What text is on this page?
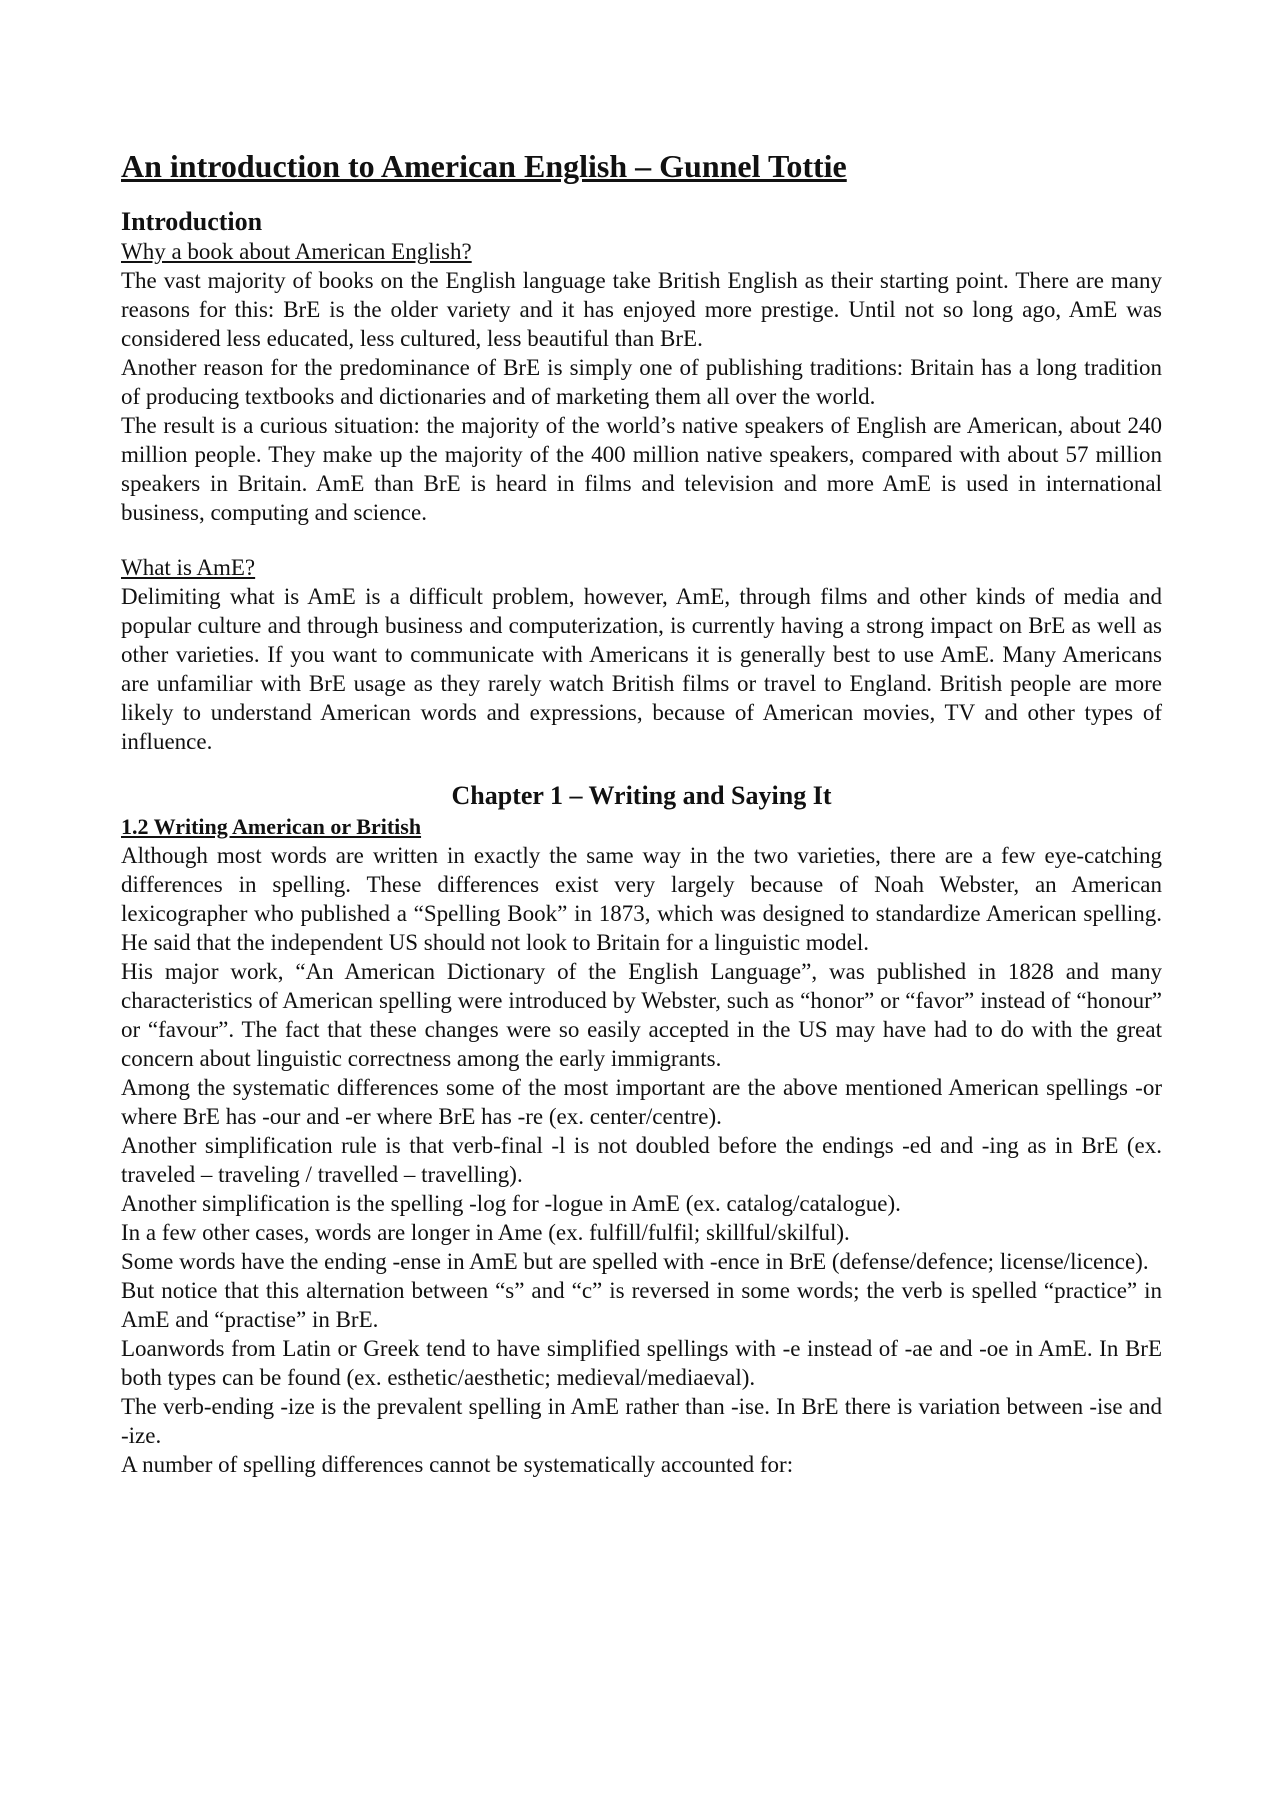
An introduction to American English – Gunnel Tottie
Introduction
Why a book about American English?

The vast majority of books on the English language take British English as their starting point. There are many reasons for this: BrE is the older variety and it has enjoyed more prestige. Until not so long ago, AmE was considered less educated, less cultured, less beautiful than BrE.

Another reason for the predominance of BrE is simply one of publishing traditions: Britain has a long tradition of producing textbooks and dictionaries and of marketing them all over the world.

The result is a curious situation: the majority of the world’s native speakers of English are American, about 240 million people. They make up the majority of the 400 million native speakers, compared with about 57 million speakers in Britain. AmE than BrE is heard in films and television and more AmE is used in international business, computing and science.

What is AmE?

Delimiting what is AmE is a difficult problem, however, AmE, through films and other kinds of media and popular culture and through business and computerization, is currently having a strong impact on BrE as well as other varieties. If you want to communicate with Americans it is generally best to use AmE. Many Americans are unfamiliar with BrE usage as they rarely watch British films or travel to England. British people are more likely to understand American words and expressions, because of American movies, TV and other types of influence.

Chapter 1 – Writing and Saying It
1.2 Writing American or British

Although most words are written in exactly the same way in the two varieties, there are a few eye-catching differences in spelling. These differences exist very largely because of Noah Webster, an American lexicographer who published a “Spelling Book” in 1873, which was designed to standardize American spelling. He said that the independent US should not look to Britain for a linguistic model.

His major work, “An American Dictionary of the English Language”, was published in 1828 and many characteristics of American spelling were introduced by Webster, such as “honor” or “favor” instead of “honour” or “favour”. The fact that these changes were so easily accepted in the US may have had to do with the great concern about linguistic correctness among the early immigrants.

Among the systematic differences some of the most important are the above mentioned American spellings -or where BrE has -our and -er where BrE has -re (ex. center/centre).

Another simplification rule is that verb-final -l is not doubled before the endings -ed and -ing as in BrE (ex. traveled – traveling / travelled – travelling).

Another simplification is the spelling -log for -logue in AmE (ex. catalog/catalogue).

In a few other cases, words are longer in Ame (ex. fulfill/fulfil; skillful/skilful).

Some words have the ending -ense in AmE but are spelled with -ence in BrE (defense/defence; license/licence).

But notice that this alternation between “s” and “c” is reversed in some words; the verb is spelled “practice” in AmE and “practise” in BrE.

Loanwords from Latin or Greek tend to have simplified spellings with -e instead of -ae and -oe in AmE. In BrE both types can be found (ex. esthetic/aesthetic; medieval/mediaeval).

The verb-ending -ize is the prevalent spelling in AmE rather than -ise. In BrE there is variation between -ise and -ize.

A number of spelling differences cannot be systematically accounted for:
